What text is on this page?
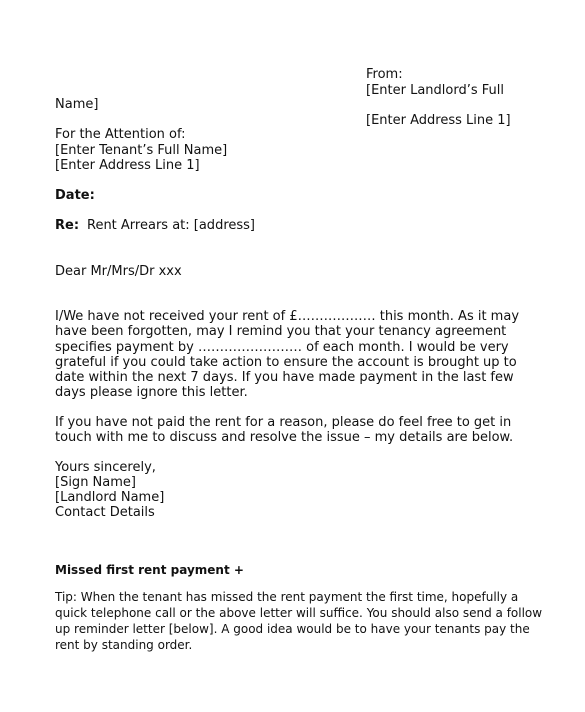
From:
[Enter Landlord’s Full
Name]
[Enter Address Line 1]
For the Attention of:
[Enter Tenant’s Full Name]
[Enter Address Line 1]
Date:
Re: Rent Arrears at: [address]
Dear Mr/Mrs/Dr xxx
I/We have not received your rent of £……………… this month. As it may
have been forgotten, may I remind you that your tenancy agreement
specifies payment by …………………… of each month. I would be very
grateful if you could take action to ensure the account is brought up to
date within the next 7 days. If you have made payment in the last few
days please ignore this letter.
If you have not paid the rent for a reason, please do feel free to get in
touch with me to discuss and resolve the issue – my details are below.
Yours sincerely,
[Sign Name]
[Landlord Name]
Contact Details
Missed first rent payment +
Tip: When the tenant has missed the rent payment the first time, hopefully a
quick telephone call or the above letter will suffice. You should also send a follow
up reminder letter [below]. A good idea would be to have your tenants pay the
rent by standing order.
